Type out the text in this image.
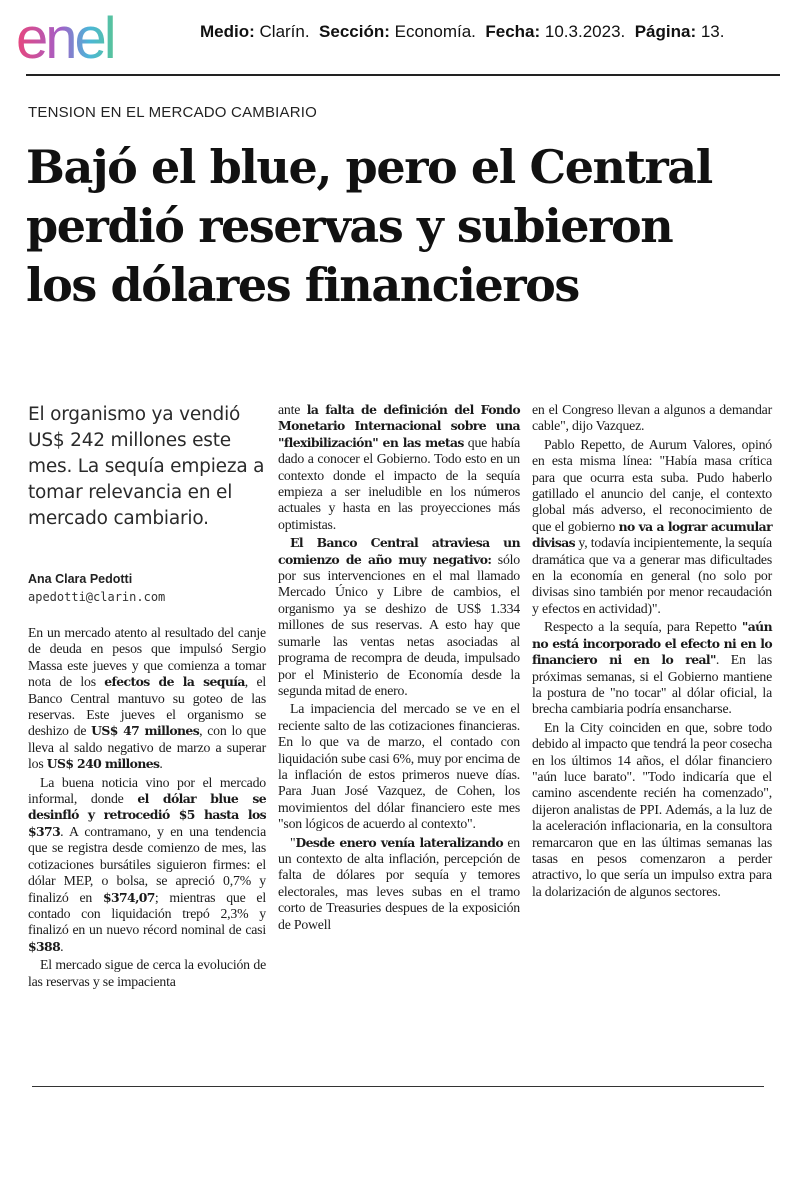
enel	Medio: Clarín. Sección: Economía. Fecha: 10.3.2023. Página: 13.
TENSION EN EL MERCADO CAMBIARIO
Bajó el blue, pero el Central
perdió reservas y subieron
los dólares financieros
El organismo ya vendió US$ 242 millones este mes. La sequía empieza a tomar relevancia en el mercado cambiario.
Ana Clara Pedotti
apedotti@clarin.com

En un mercado atento al resultado del canje de deuda en pesos que impulsó Sergio Massa este jueves y que comienza a tomar nota de los efectos de la sequía, el Banco Central mantuvo su goteo de las reservas. Este jueves el organismo se deshizo de US$ 47 millones, con lo que lleva al saldo negativo de marzo a superar los US$ 240 millones.

La buena noticia vino por el mercado informal, donde el dólar blue se desinfló y retrocedió $5 hasta los $373. A contramano, y en una tendencia que se registra desde comienzo de mes, las cotizaciones bursátiles siguieron firmes: el dólar MEP, o bolsa, se apreció 0,7% y finalizó en $374,07; mientras que el contado con liquidación trepó 2,3% y finalizó en un nuevo récord nominal de casi $388.

El mercado sigue de cerca la evolución de las reservas y se impacienta

ante la falta de definición del Fondo Monetario Internacional sobre una "flexibilización" en las metas que había dado a conocer el Gobierno. Todo esto en un contexto donde el impacto de la sequía empieza a ser ineludible en los números actuales y hasta en las proyecciones más optimistas.

El Banco Central atraviesa un comienzo de año muy negativo: sólo por sus intervenciones en el mal llamado Mercado Único y Libre de cambios, el organismo ya se deshizo de US$ 1.334 millones de sus reservas. A esto hay que sumarle las ventas netas asociadas al programa de recompra de deuda, impulsado por el Ministerio de Economía desde la segunda mitad de enero.

La impaciencia del mercado se ve en el reciente salto de las cotizaciones financieras. En lo que va de marzo, el contado con liquidación sube casi 6%, muy por encima de la inflación de estos primeros nueve días. Para Juan José Vazquez, de Cohen, los movimientos del dólar financiero este mes "son lógicos de acuerdo al contexto".

"Desde enero venía lateralizando en un contexto de alta inflación, percepción de falta de dólares por sequía y temores electorales, mas leves subas en el tramo corto de Treasuries despues de la exposición de Powell

en el Congreso llevan a algunos a demandar cable", dijo Vazquez.

Pablo Repetto, de Aurum Valores, opinó en esta misma línea: "Había masa crítica para que ocurra esta suba. Pudo haberlo gatillado el anuncio del canje, el contexto global más adverso, el reconocimiento de que el gobierno no va a lograr acumular divisas y, todavía incipientemente, la sequía dramática que va a generar mas dificultades en la economía en general (no solo por divisas sino también por menor recaudación y efectos en actividad)".

Respecto a la sequía, para Repetto "aún no está incorporado el efecto ni en lo financiero ni en lo real". En las próximas semanas, si el Gobierno mantiene la postura de "no tocar" al dólar oficial, la brecha cambiaria podría ensancharse.

En la City coinciden en que, sobre todo debido al impacto que tendrá la peor cosecha en los últimos 14 años, el dólar financiero "aún luce barato". "Todo indicaría que el camino ascendente recién ha comenzado", dijeron analistas de PPI. Además, a la luz de la aceleración inflacionaria, en la consultora remarcaron que en las últimas semanas las tasas en pesos comenzaron a perder atractivo, lo que sería un impulso extra para la dolarización de algunos sectores.
